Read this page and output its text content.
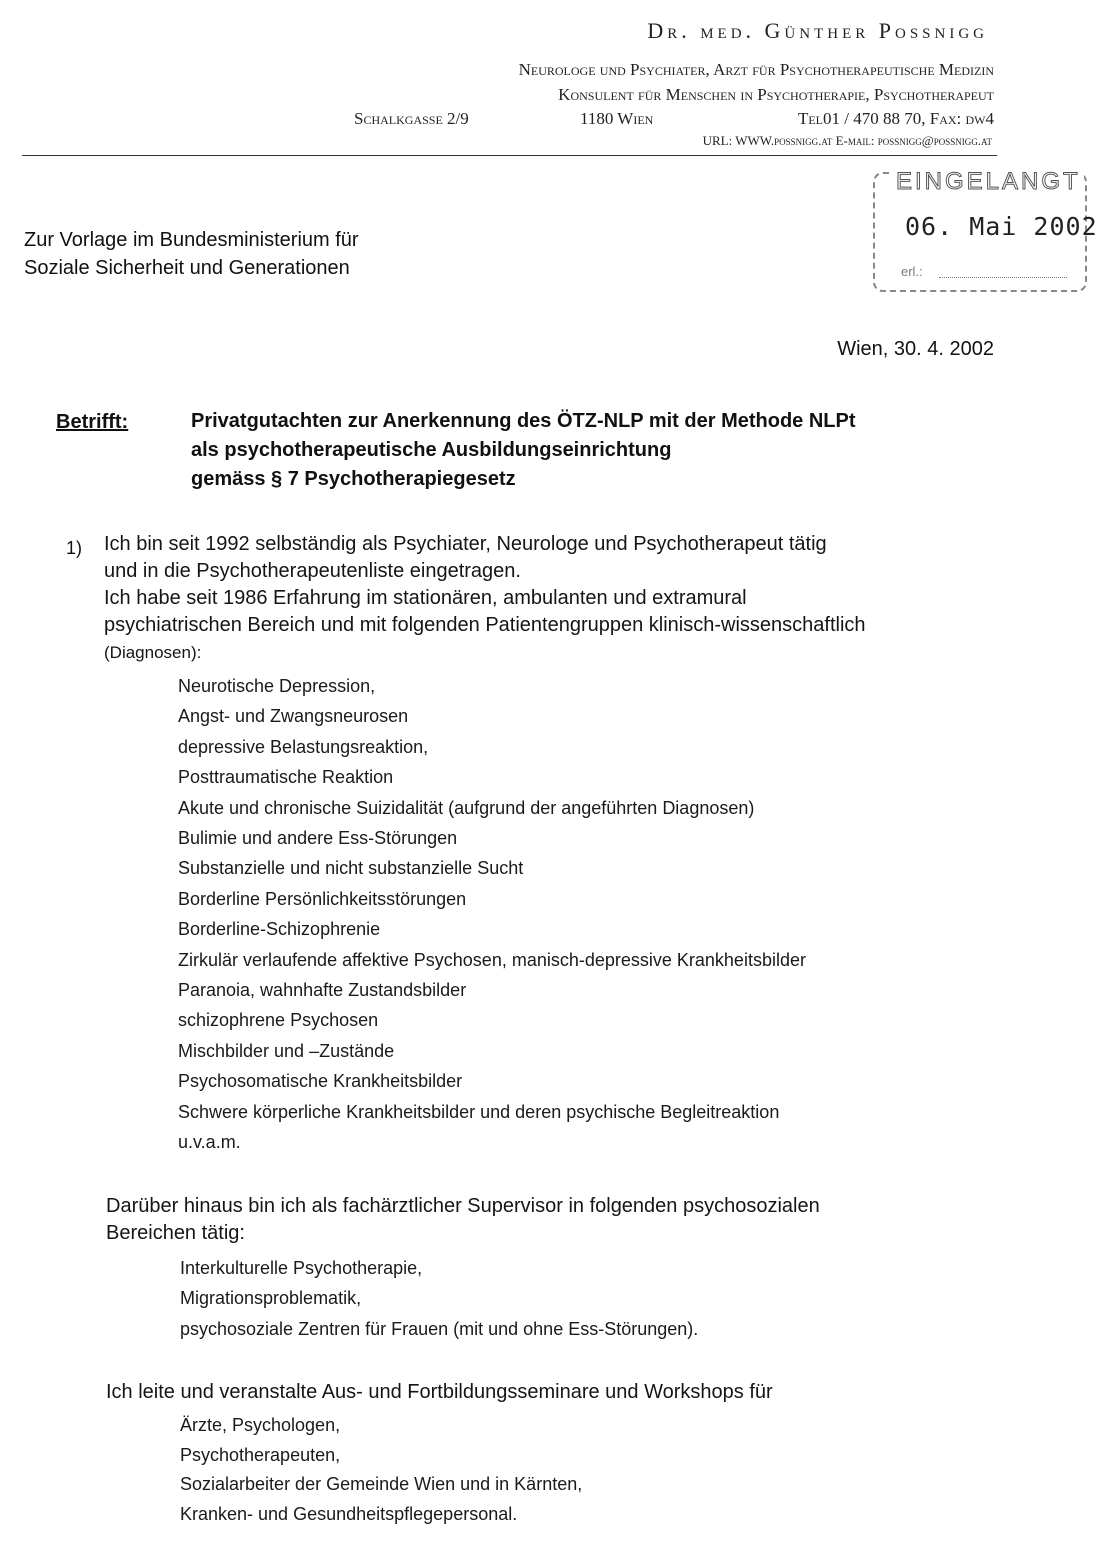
Dr. med. Günther Possnigg
Neurologe und Psychiater, Arzt für Psychotherapeutische Medizin
Konsulent für Menschen in Psychotherapie, Psychotherapeut
Schalkgasse 2/9	1180 Wien	Tel01 / 470 88 70, Fax: dw4
URL: WWW.possnigg.at E-mail: possnigg@possnigg.at
EINGELANGT
06. Mai 2002
erl.:
Zur Vorlage im Bundesministerium für
Soziale Sicherheit und Generationen
Wien, 30. 4. 2002
Betrifft:	Privatgutachten zur Anerkennung des ÖTZ-NLP mit der Methode NLPt
als psychotherapeutische Ausbildungseinrichtung
gemäss § 7 Psychotherapiegesetz
1) Ich bin seit 1992 selbständig als Psychiater, Neurologe und Psychotherapeut tätig
und in die Psychotherapeutenliste eingetragen.
Ich habe seit 1986 Erfahrung im stationären, ambulanten und extramural
psychiatrischen Bereich und mit folgenden Patientengruppen klinisch-wissenschaftlich
(Diagnosen):
Neurotische Depression,
Angst- und Zwangsneurosen
depressive Belastungsreaktion,
Posttraumatische Reaktion
Akute und chronische Suizidalität (aufgrund der angeführten Diagnosen)
Bulimie und andere Ess-Störungen
Substanzielle und nicht substanzielle Sucht
Borderline Persönlichkeitsstörungen
Borderline-Schizophrenie
Zirkulär verlaufende affektive Psychosen, manisch-depressive Krankheitsbilder
Paranoia, wahnhafte Zustandsbilder
schizophrene Psychosen
Mischbilder und –Zustände
Psychosomatische Krankheitsbilder
Schwere körperliche Krankheitsbilder und deren psychische Begleitreaktion
u.v.a.m.
Darüber hinaus bin ich als fachärztlicher Supervisor in folgenden psychosozialen
Bereichen tätig:
Interkulturelle Psychotherapie,
Migrationsproblematik,
psychosoziale Zentren für Frauen (mit und ohne Ess-Störungen).
Ich leite und veranstalte Aus- und Fortbildungsseminare und Workshops für
Ärzte, Psychologen,
Psychotherapeuten,
Sozialarbeiter der Gemeinde Wien und in Kärnten,
Kranken- und Gesundheitspflegepersonal.
